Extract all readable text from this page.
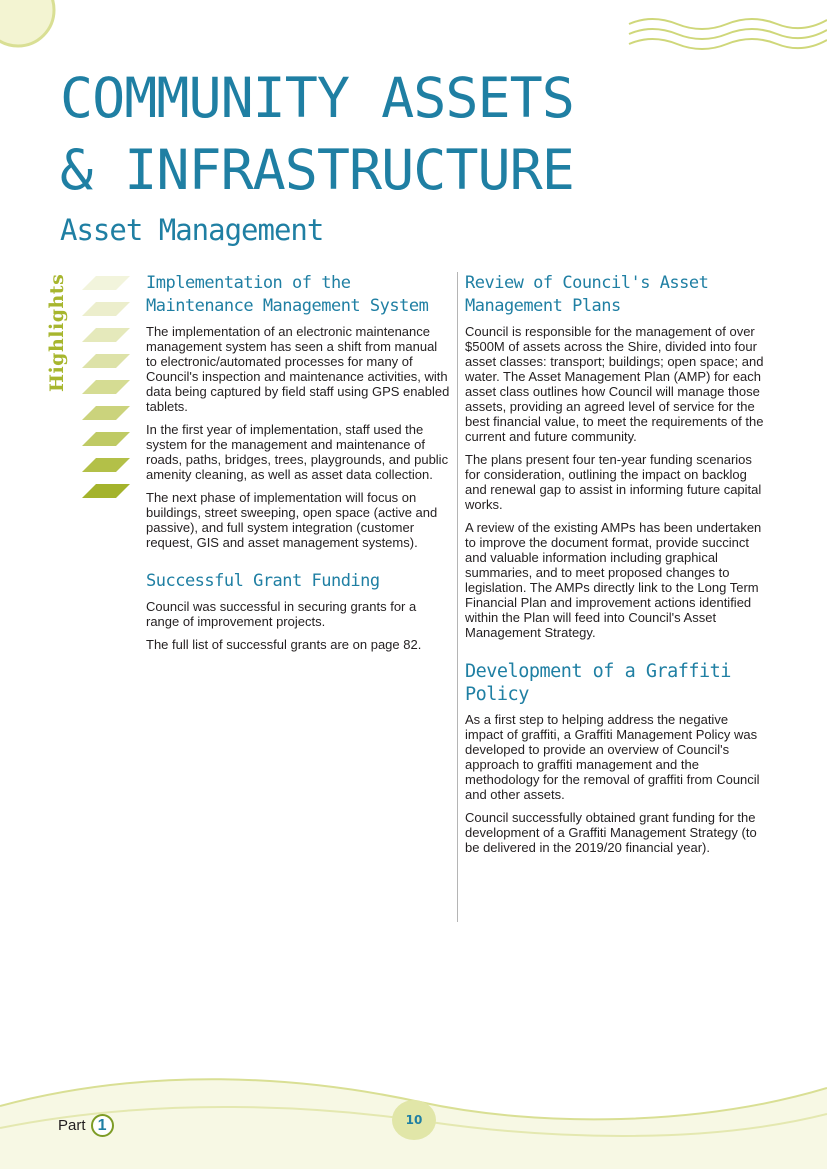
COMMUNITY ASSETS
& INFRASTRUCTURE
Asset Management
Highlights	Implementation of the Maintenance Management System

The implementation of an electronic maintenance management system has seen a shift from manual to electronic/automated processes for many of Council's inspection and maintenance activities, with data being captured by field staff using GPS enabled tablets.

In the first year of implementation, staff used the system for the management and maintenance of roads, paths, bridges, trees, playgrounds, and public amenity cleaning, as well as asset data collection.

The next phase of implementation will focus on buildings, street sweeping, open space (active and passive), and full system integration (customer request, GIS and asset management systems).

Successful Grant Funding

Council was successful in securing grants for a range of improvement projects.

The full list of successful grants are on page 82.

Review of Council's Asset Management Plans

Council is responsible for the management of over $500M of assets across the Shire, divided into four asset classes: transport; buildings; open space; and water. The Asset Management Plan (AMP) for each asset class outlines how Council will manage those assets, providing an agreed level of service for the best financial value, to meet the requirements of the current and future community.

The plans present four ten-year funding scenarios for consideration, outlining the impact on backlog and renewal gap to assist in informing future capital works.

A review of the existing AMPs has been undertaken to improve the document format, provide succinct and valuable information including graphical summaries, and to meet proposed changes to legislation. The AMPs directly link to the Long Term Financial Plan and improvement actions identified within the Plan will feed into Council's Asset Management Strategy.

Development of a Graffiti Policy

As a first step to helping address the negative impact of graffiti, a Graffiti Management Policy was developed to provide an overview of Council's approach to graffiti management and the methodology for the removal of graffiti from Council and other assets.

Council successfully obtained grant funding for the development of a Graffiti Management Strategy (to be delivered in the 2019/20 financial year).

Part 1	10
